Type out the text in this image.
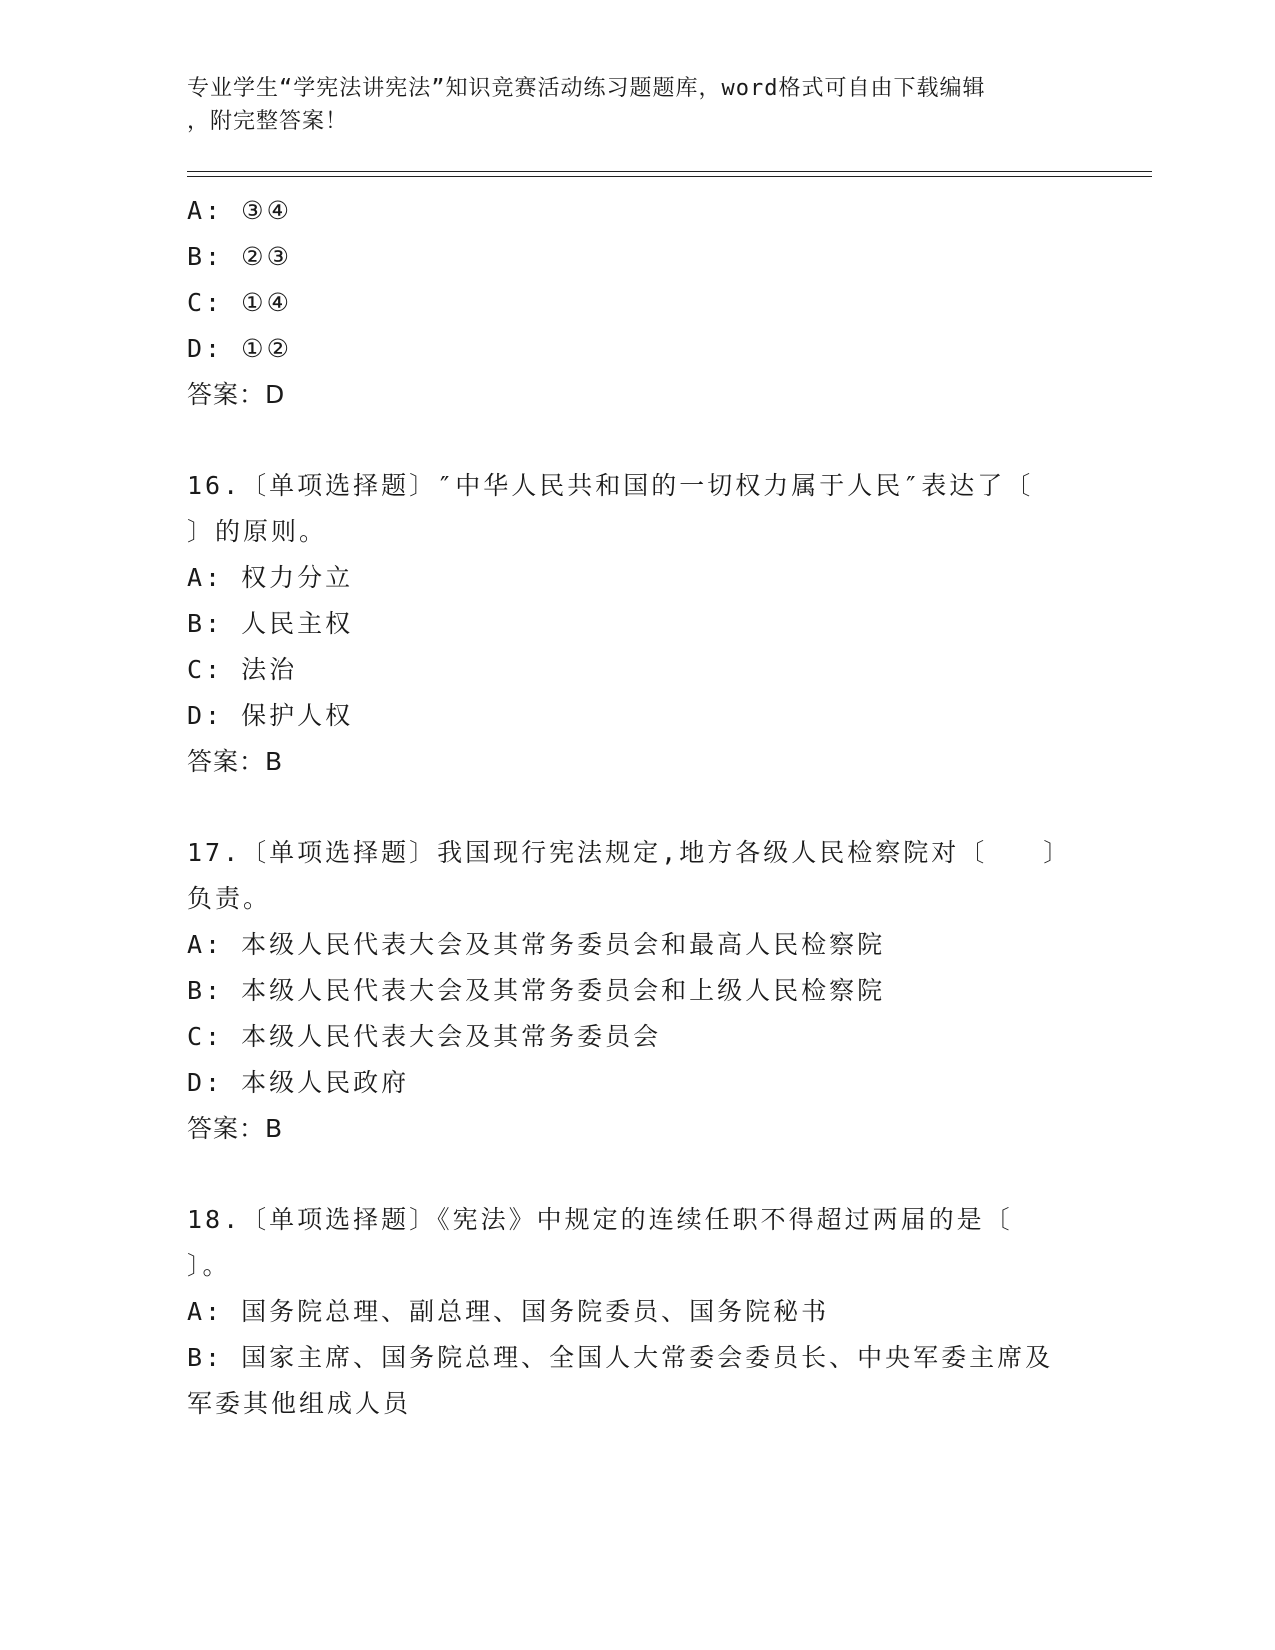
专业学生“学宪法讲宪法”知识竞赛活动练习题题库，word格式可自由下载编辑
，附完整答案！
A: ③④
B: ②③
C: ①④
D: ①②
答案：D
16.〔单项选择题〕″中华人民共和国的一切权力属于人民″表达了〔
〕的原则。
A: 权力分立
B: 人民主权
C: 法治
D: 保护人权
答案：B
17.〔单项选择题〕我国现行宪法规定,地方各级人民检察院对〔　　〕
负责。
A: 本级人民代表大会及其常务委员会和最高人民检察院
B: 本级人民代表大会及其常务委员会和上级人民检察院
C: 本级人民代表大会及其常务委员会
D: 本级人民政府
答案：B
18.〔单项选择题〕《宪法》中规定的连续任职不得超过两届的是〔
〕。
A: 国务院总理、副总理、国务院委员、国务院秘书
B: 国家主席、国务院总理、全国人大常委会委员长、中央军委主席及
军委其他组成人员
